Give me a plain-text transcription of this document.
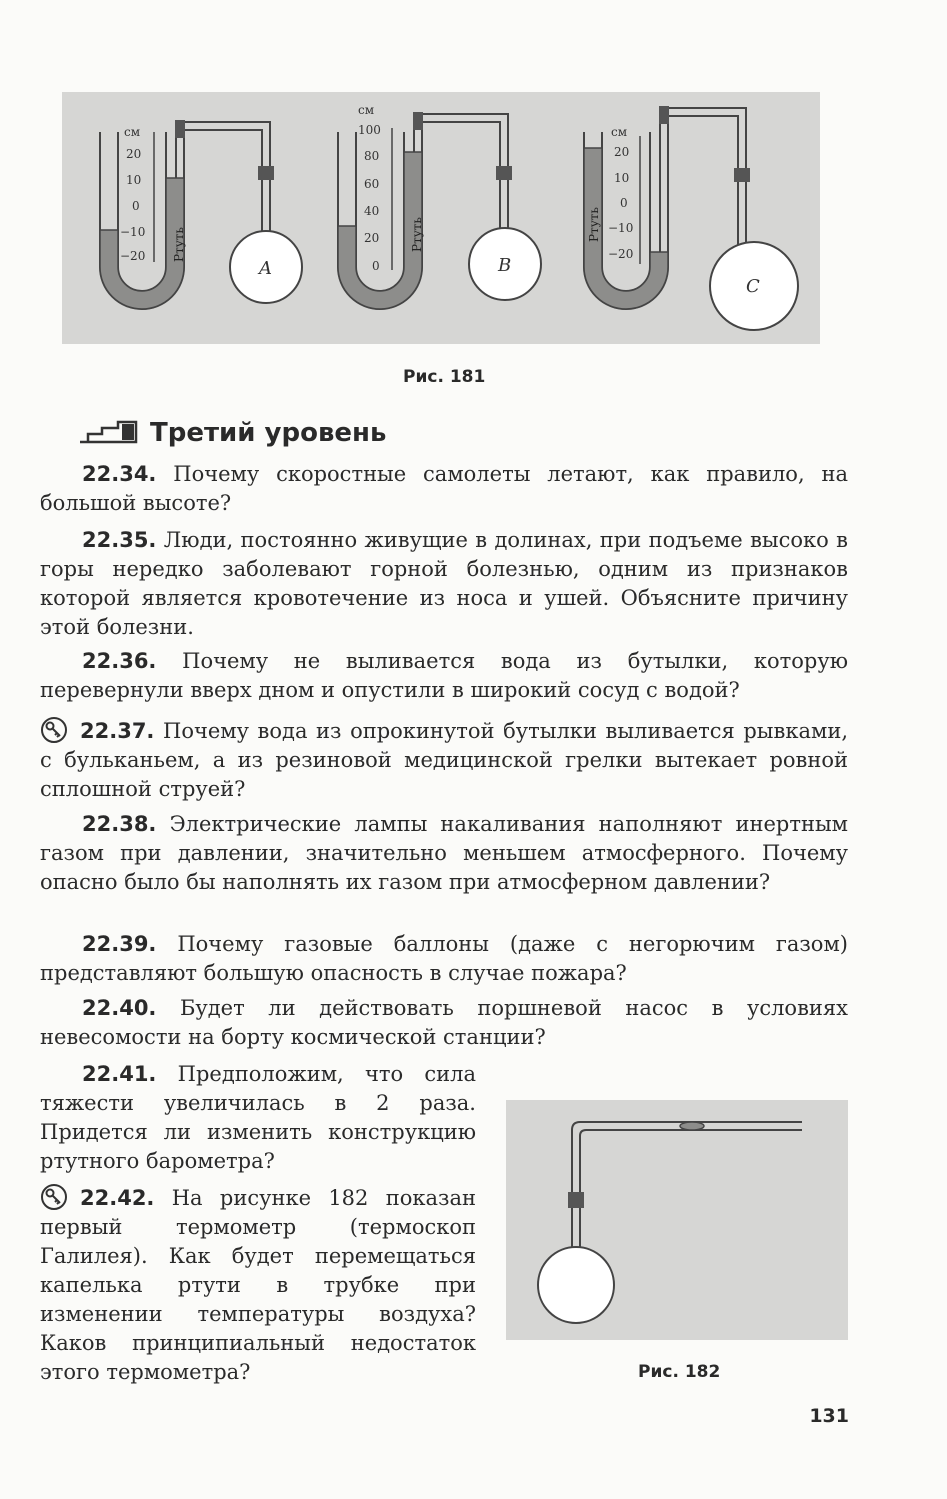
см
A
20
10
0
−10
−20 Ртуть
см
B
100
80
60
40
20
0
Ртуть
см
C
20
10
0
−10
−20
Ртуть
Рис. 181
Третий уровень

22.34. Почему скоростные самолеты летают, как правило, на большой высоте?

22.35. Люди, постоянно живущие в долинах, при подъеме высоко в горы нередко заболевают горной болезнью, одним из признаков которой является кровотечение из носа и ушей. Объясните причину этой болезни.

22.36. Почему не выливается вода из бутылки, которую перевернули вверх дном и опустили в широкий сосуд с водой?

22.37. Почему вода из опрокинутой бутылки выливается рывками, с бульканьем, а из резиновой медицинской грелки вытекает ровной сплошной струей?

22.38. Электрические лампы накаливания наполняют инертным газом при давлении, значительно меньшем атмосферного. Почему опасно было бы наполнять их газом при атмосферном давлении?

22.39. Почему газовые баллоны (даже с негорючим газом) представляют большую опасность в случае пожара?

22.40. Будет ли действовать поршневой насос в условиях невесомости на борту космической станции?

22.41. Предположим, что сила тяжести увеличилась в 2 раза. Придется ли изменить конструкцию ртутного барометра?

22.42. На рисунке 182 показан первый термометр (термоскоп Галилея). Как будет перемещаться капелька ртути в трубке при изменении температуры воздуха? Каков принципиальный недостаток этого термометра?	Рис. 182
131
